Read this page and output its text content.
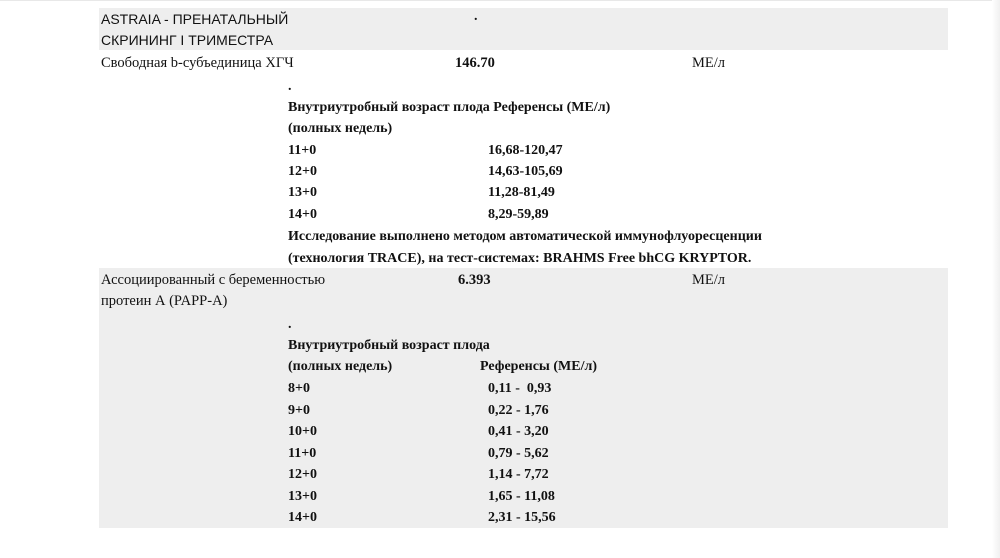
ASTRAIA - ПРЕНАТАЛЬНЫЙ
СКРИНИНГ I ТРИМЕСТРА
.
Свободная b-субъединица ХГЧ	146.70	МЕ/л
.
Внутриутробный возраст плода Референсы (МЕ/л)
(полных недель)
11+0	16,68-120,47
12+0	14,63-105,69
13+0	11,28-81,49
14+0	8,29-59,89
Исследование выполнено методом автоматической иммунофлуоресценции
(технология TRACE), на тест-системах: BRAHMS Free bhCG KRYPTOR.
Ассоциированный с беременностью
протеин А (PAPP-A)
6.393	МЕ/л
.
Внутриутробный возраст плода
(полных недель)	Референсы (МЕ/л)
8+0	0,11 -  0,93
9+0	0,22 - 1,76
10+0	0,41 - 3,20
11+0	0,79 - 5,62
12+0	1,14 - 7,72
13+0	1,65 - 11,08
14+0	2,31 - 15,56
